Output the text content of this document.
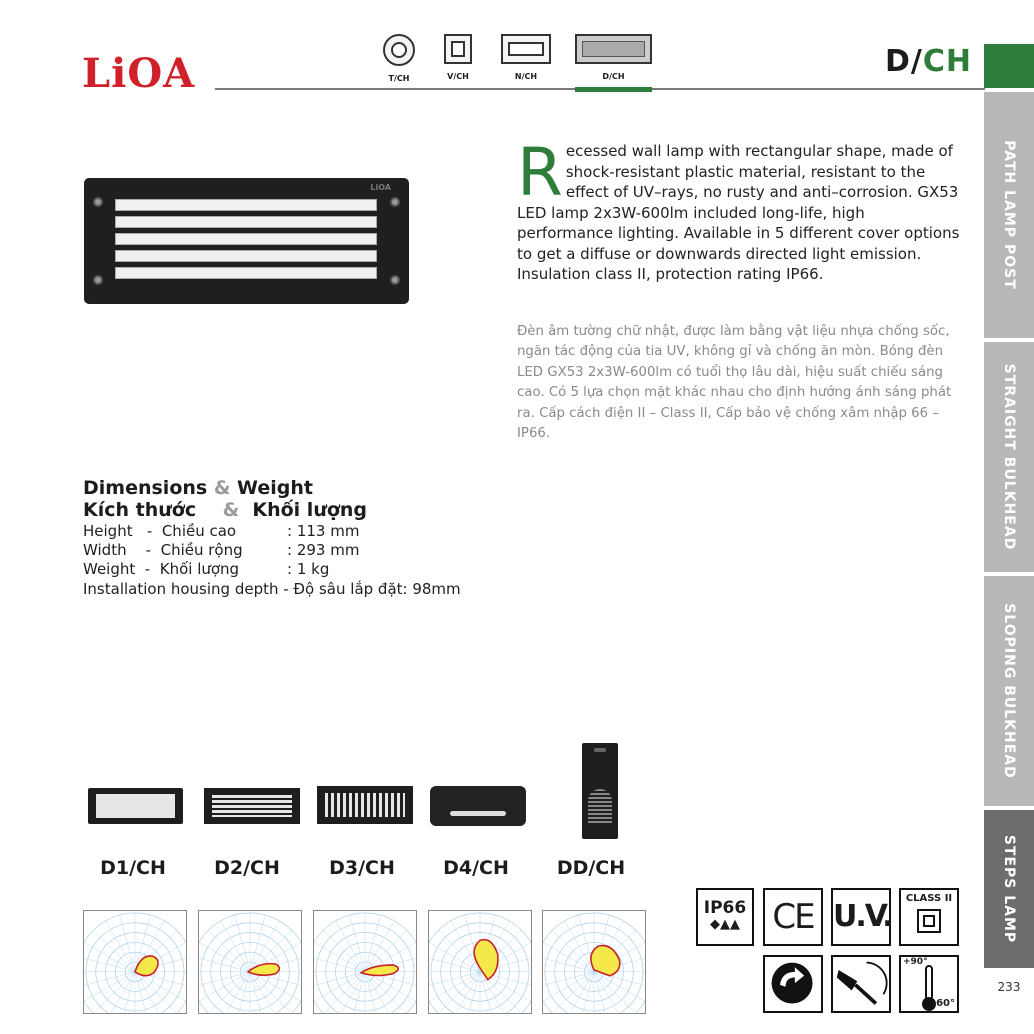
LiOA	D/CH
T/CH	V/CH	N/CH	D/CH
PATH LAMP POST
STRAIGHT BULKHEAD
SLOPING BULKHEAD
STEPS LAMP
LiOA Recessed wall lamp with rectangular shape, made of shock-resistant plastic material, resistant to the effect of UV–rays, no rusty and anti–corrosion. GX53 LED lamp 2x3W-600lm included long-life, high performance lighting. Available in 5 different cover options to get a diffuse or downwards directed light emission. Insulation class II, protection rating IP66.
Đèn âm tường chữ nhật, được làm bằng vật liệu nhựa chống sốc, ngăn tác động của tia UV, không gỉ và chống ăn mòn. Bóng đèn LED GX53 2x3W-600lm có tuổi thọ lâu dài, hiệu suất chiếu sáng cao. Có 5 lựa chọn mặt khác nhau cho định hướng ánh sáng phát ra. Cấp cách điện II – Class II, Cấp bảo vệ chống xâm nhập 66 – IP66.
Dimensions & Weight
Kích thước & Khối lượng
Height   -  Chiều cao	: 113 mm
Width    -  Chiều rộng	: 293 mm
Weight  -  Khối lượng	: 1 kg
Installation housing depth - Độ sâu lắp đặt: 98mm
D1/CH	D2/CH	D3/CH	D4/CH	DD/CH
IP66
◆▲▲ CE U.V.
CLASS II
+90°
-60°
233
